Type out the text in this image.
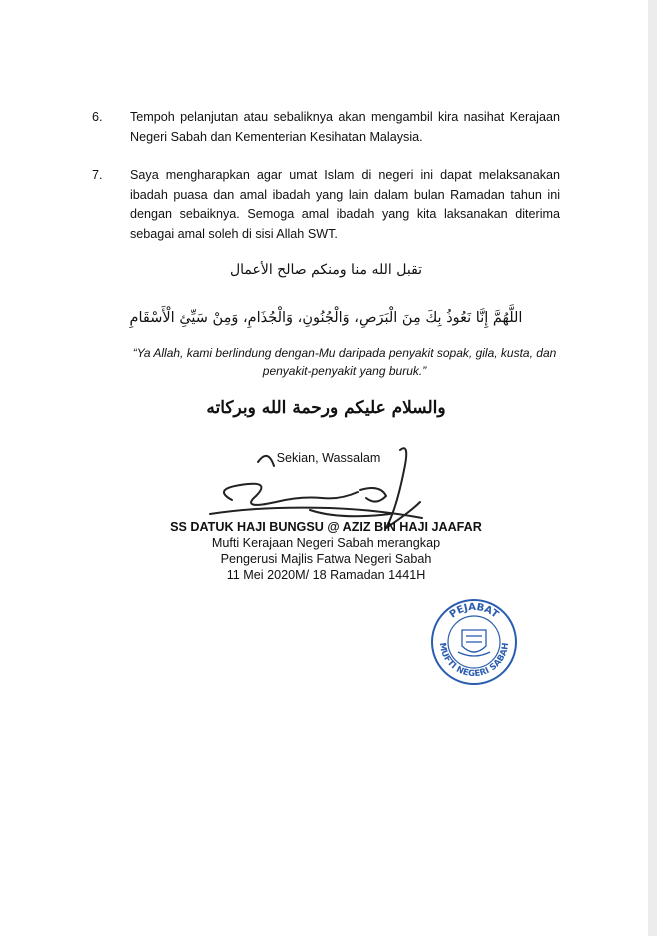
6. Tempoh pelanjutan atau sebaliknya akan mengambil kira nasihat Kerajaan Negeri Sabah dan Kementerian Kesihatan Malaysia.
7. Saya mengharapkan agar umat Islam di negeri ini dapat melaksanakan ibadah puasa dan amal ibadah yang lain dalam bulan Ramadan tahun ini dengan sebaiknya. Semoga amal ibadah yang kita laksanakan diterima sebagai amal soleh di sisi Allah SWT.
تقبل الله منا ومنكم صالح الأعمال
اللَّهُمَّ إِنَّا نَعُوذُ بِكَ مِنَ الْبَرَصِ، وَالْجُنُونِ، وَالْجُذَامِ، وَمِنْ سَيِّئِ الْأَسْقَامِ
“Ya Allah, kami berlindung dengan-Mu daripada penyakit sopak, gila, kusta, dan penyakit-penyakit yang buruk.”
والسلام عليكم ورحمة الله وبركاته
Sekian, Wassalam
SS DATUK HAJI BUNGSU @ AZIZ BIN HAJI JAAFAR
Mufti Kerajaan Negeri Sabah merangkap
Pengerusi Majlis Fatwa Negeri Sabah
11 Mei 2020M/ 18 Ramadan 1441H
PEJABAT
MUFTI NEGERI SABAH
